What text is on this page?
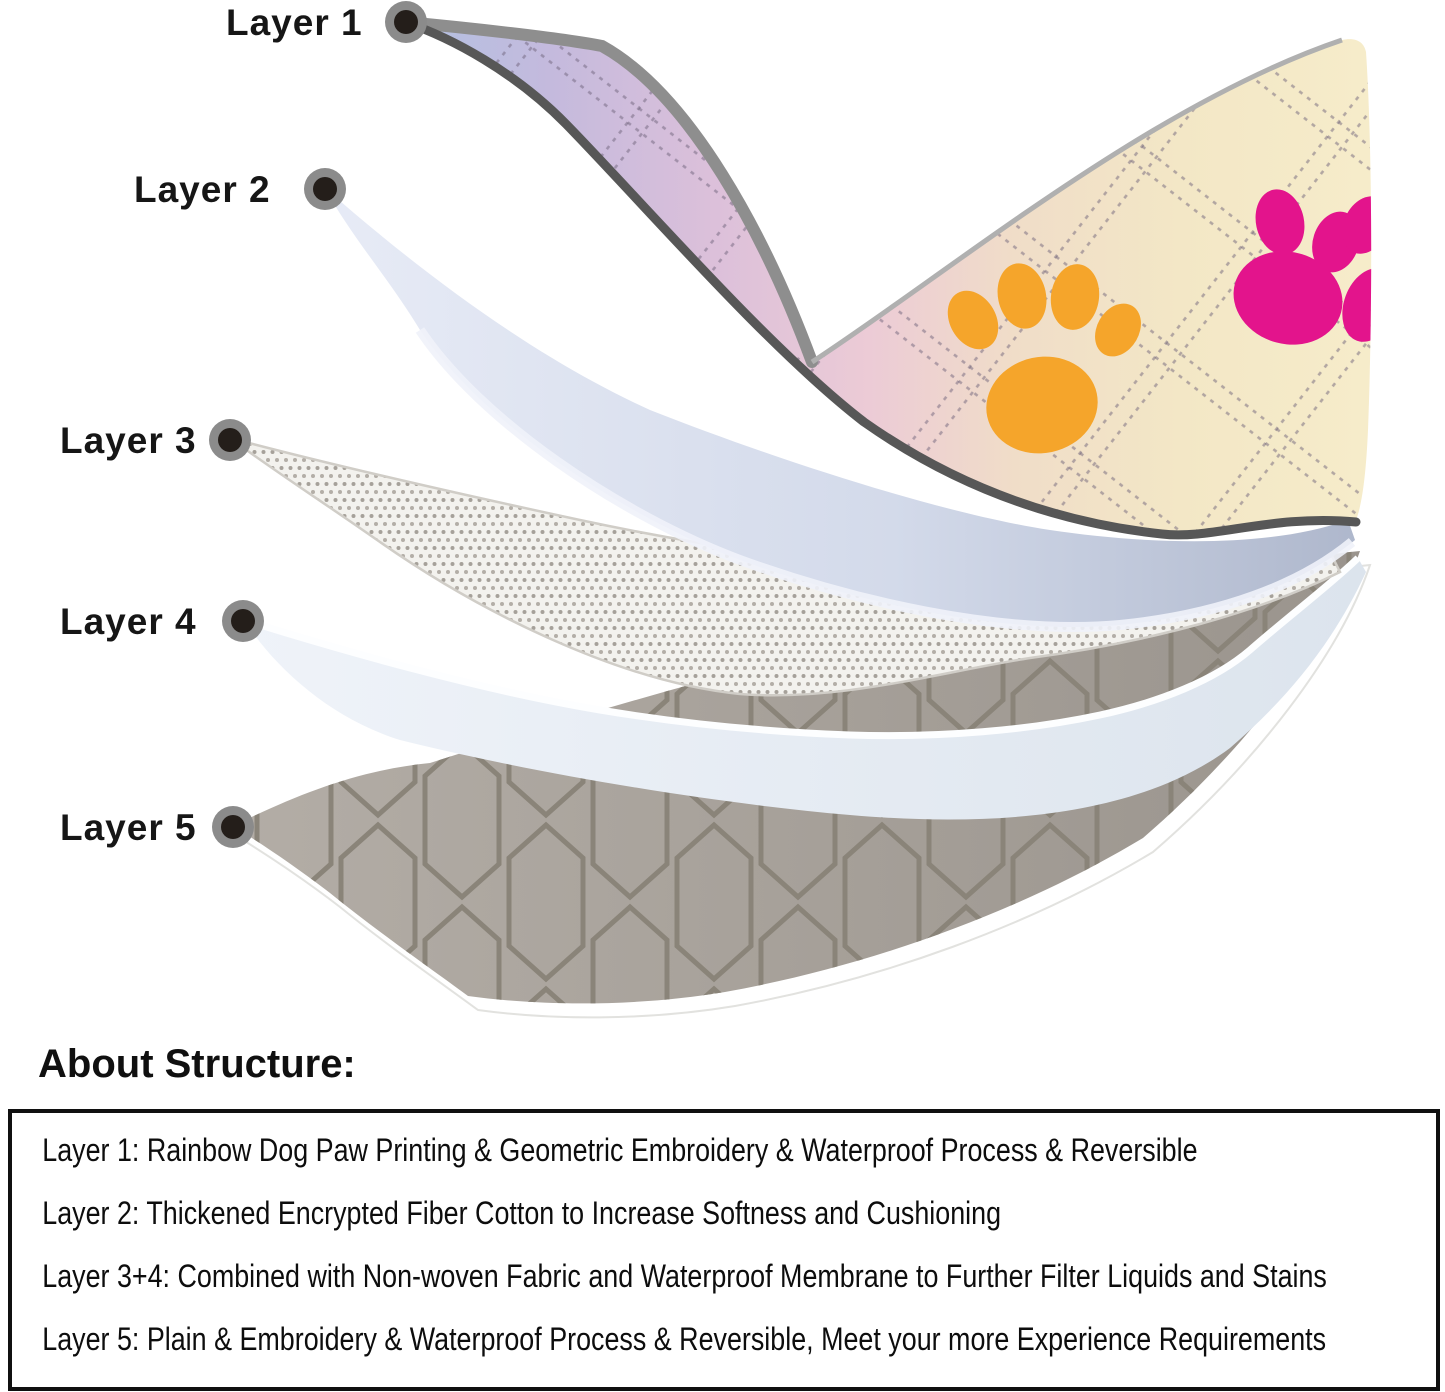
Layer 1
Layer 2
Layer 3
Layer 4
Layer 5
About Structure:

Layer 1: Rainbow Dog Paw Printing & Geometric Embroidery & Waterproof Process & Reversible

Layer 2: Thickened Encrypted Fiber Cotton to Increase Softness and Cushioning

Layer 3+4: Combined with Non-woven Fabric and Waterproof Membrane to Further Filter Liquids and Stains

Layer 5: Plain & Embroidery & Waterproof Process & Reversible, Meet your more Experience Requirements
